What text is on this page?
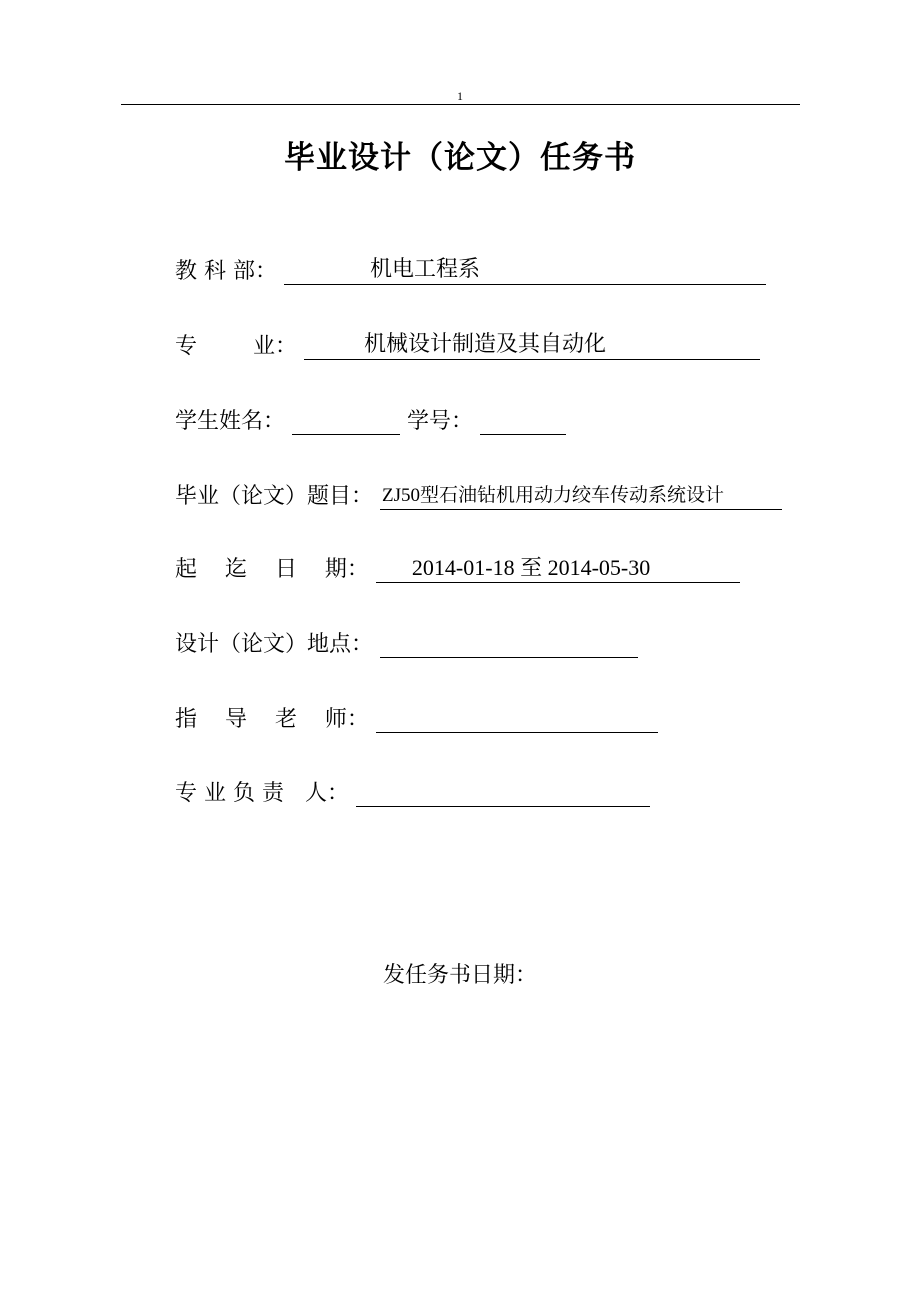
1
毕业设计（论文）任务书
教 科 部：	机电工程系
专        业：	机械设计制造及其自动化
学生姓名：	学号：
毕业（论文）题目： ZJ50型石油钻机用动力绞车传动系统设计
起    迄    日    期： 2014-01-18 至 2014-05-30
设计（论文）地点：
指    导    老    师：
专 业 负 责   人：
发任务书日期：
